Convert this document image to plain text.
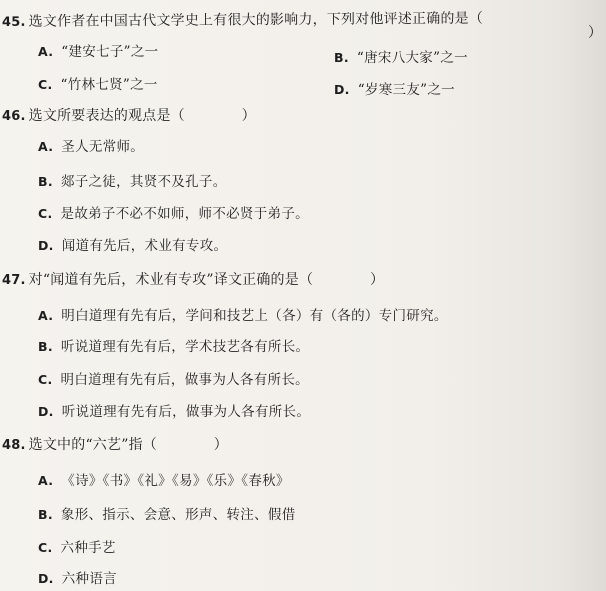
45. 选文作者在中国古代文学史上有很大的影响力，下列对他评述正确的是（
）
A. “建安七子”之一	B. “唐宋八大家”之一
C. “竹林七贤”之一	D. “岁寒三友”之一
46. 选文所要表达的观点是（　　　　）
A. 圣人无常师。
B. 郯子之徒，其贤不及孔子。
C. 是故弟子不必不如师，师不必贤于弟子。
D. 闻道有先后，术业有专攻。
47. 对“闻道有先后，术业有专攻”译文正确的是（　　　　）
A. 明白道理有先有后，学问和技艺上（各）有（各的）专门研究。
B. 听说道理有先有后，学术技艺各有所长。
C. 明白道理有先有后，做事为人各有所长。
D. 听说道理有先有后，做事为人各有所长。
48. 选文中的“六艺”指（　　　　）
A. 《诗》《书》《礼》《易》《乐》《春秋》
B. 象形、指示、会意、形声、转注、假借
C. 六种手艺
D. 六种语言
